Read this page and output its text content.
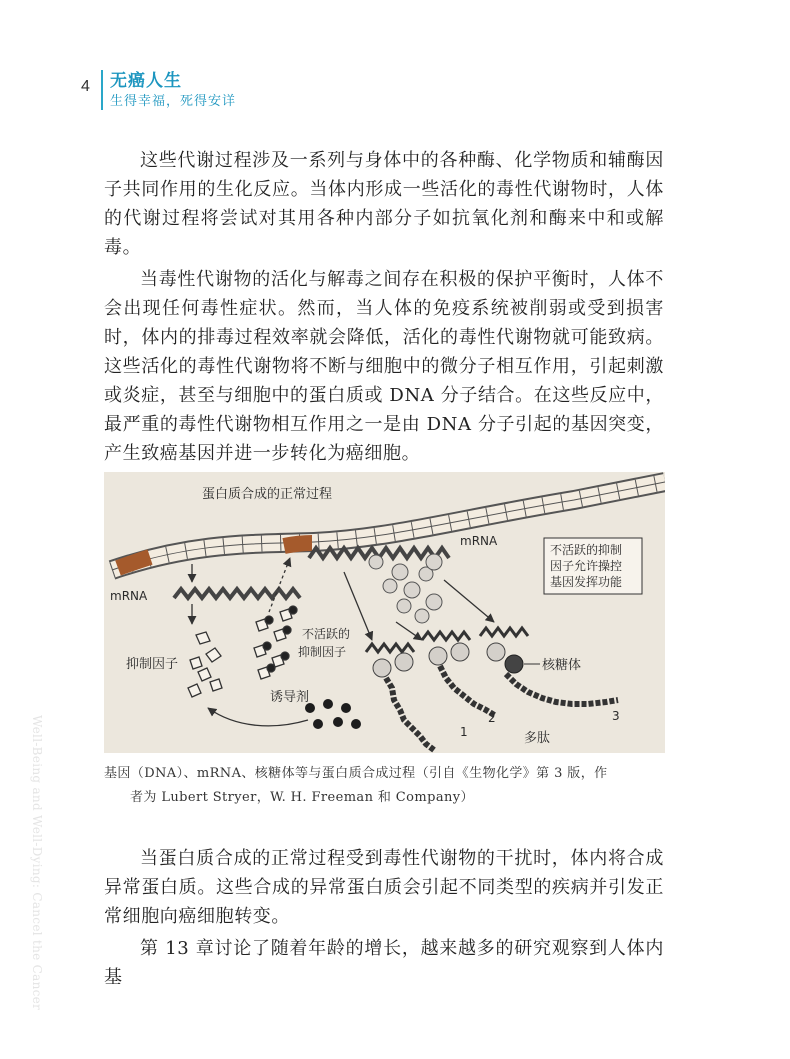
4 无癌人生
生得幸福，死得安详

这些代谢过程涉及一系列与身体中的各种酶、化学物质和辅酶因子共同作用的生化反应。当体内形成一些活化的毒性代谢物时，人体的代谢过程将尝试对其用各种内部分子如抗氧化剂和酶来中和或解毒。

当毒性代谢物的活化与解毒之间存在积极的保护平衡时，人体不会出现任何毒性症状。然而，当人体的免疫系统被削弱或受到损害时，体内的排毒过程效率就会降低，活化的毒性代谢物就可能致病。这些活化的毒性代谢物将不断与细胞中的微分子相互作用，引起刺激或炎症，甚至与细胞中的蛋白质或 DNA 分子结合。在这些反应中，最严重的毒性代谢物相互作用之一是由 DNA 分子引起的基因突变，产生致癌基因并进一步转化为癌细胞。

蛋白质合成的正常过程
mRNA
mRNA
抑制因子
不活跃的
抑制因子
诱导剂
不活跃的抑制
因子允许操控
基因发挥功能
核糖体
1
2	3
多肽
基因（DNA）、mRNA、核糖体等与蛋白质合成过程（引自《生物化学》第 3 版，作
者为 Lubert Stryer，W. H. Freeman 和 Company）

当蛋白质合成的正常过程受到毒性代谢物的干扰时，体内将合成异常蛋白质。这些合成的异常蛋白质会引起不同类型的疾病并引发正常细胞向癌细胞转变。

第 13 章讨论了随着年龄的增长，越来越多的研究观察到人体内基

Well-Being and Well-Dying: Cancel the Cancer
